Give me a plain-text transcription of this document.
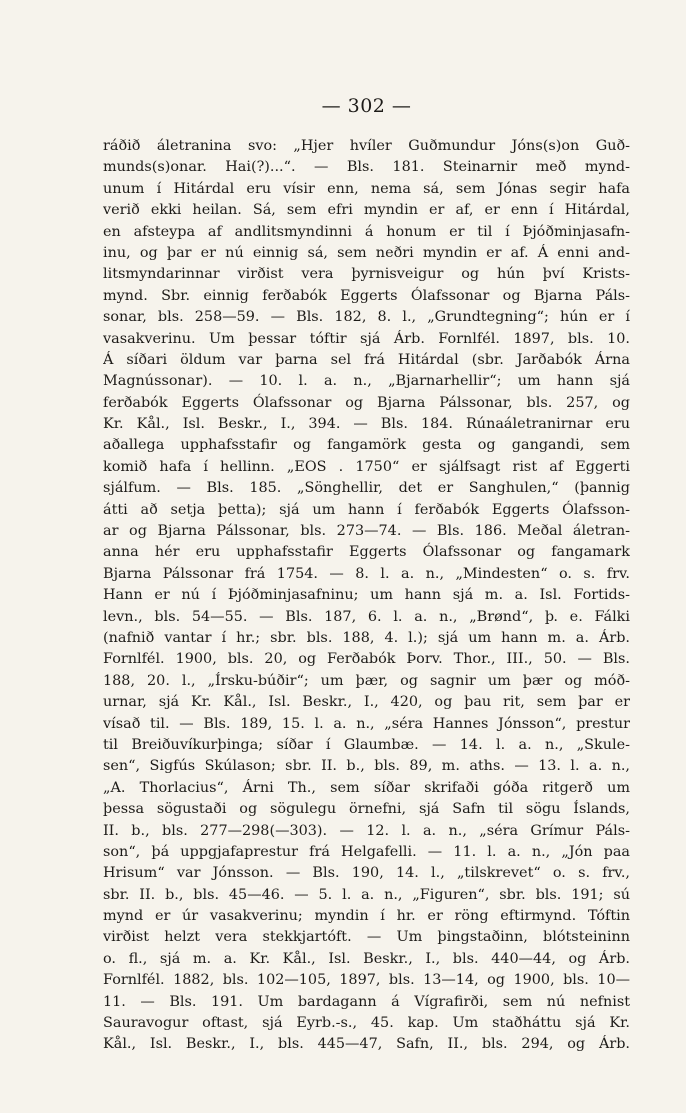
— 302 —
ráðið áletranina svo: „Hjer hvíler Guðmundur Jóns(s)on Guð-
munds(s)onar. Hai(?)...“. — Bls. 181. Steinarnir með mynd-
unum í Hitárdal eru vísir enn, nema sá, sem Jónas segir hafa
verið ekki heilan. Sá, sem efri myndin er af, er enn í Hitárdal,
en afsteypa af andlitsmyndinni á honum er til í Þjóðminjasafn-
inu, og þar er nú einnig sá, sem neðri myndin er af. Á enni and-
litsmyndarinnar virðist vera þyrnisveigur og hún því Krists-
mynd. Sbr. einnig ferðabók Eggerts Ólafssonar og Bjarna Páls-
sonar, bls. 258—59. — Bls. 182, 8. l., „Grundtegning“; hún er í
vasakverinu. Um þessar tóftir sjá Árb. Fornlfél. 1897, bls. 10.
Á síðari öldum var þarna sel frá Hitárdal (sbr. Jarðabók Árna
Magnússonar). — 10. l. a. n., „Bjarnarhellir“; um hann sjá
ferðabók Eggerts Ólafssonar og Bjarna Pálssonar, bls. 257, og
Kr. Kål., Isl. Beskr., I., 394. — Bls. 184. Rúnaáletranirnar eru
aðallega upphafsstafir og fangamörk gesta og gangandi, sem
komið hafa í hellinn. „EOS . 1750“ er sjálfsagt rist af Eggerti
sjálfum. — Bls. 185. „Sönghellir, det er Sanghulen,“ (þannig
átti að setja þetta); sjá um hann í ferðabók Eggerts Ólafsson-
ar og Bjarna Pálssonar, bls. 273—74. — Bls. 186. Meðal áletran-
anna hér eru upphafsstafir Eggerts Ólafssonar og fangamark
Bjarna Pálssonar frá 1754. — 8. l. a. n., „Mindesten“ o. s. frv.
Hann er nú í Þjóðminjasafninu; um hann sjá m. a. Isl. Fortids-
levn., bls. 54—55. — Bls. 187, 6. l. a. n., „Brønd“, þ. e. Fálki
(nafnið vantar í hr.; sbr. bls. 188, 4. l.); sjá um hann m. a. Árb.
Fornlfél. 1900, bls. 20, og Ferðabók Þorv. Thor., III., 50. — Bls.
188, 20. l., „Írsku-búðir“; um þær, og sagnir um þær og móð-
urnar, sjá Kr. Kål., Isl. Beskr., I., 420, og þau rit, sem þar er
vísað til. — Bls. 189, 15. l. a. n., „séra Hannes Jónsson“, prestur
til Breiðuvíkurþinga; síðar í Glaumbæ. — 14. l. a. n., „Skule-
sen“, Sigfús Skúlason; sbr. II. b., bls. 89, m. aths. — 13. l. a. n.,
„A. Thorlacius“, Árni Th., sem síðar skrifaði góða ritgerð um
þessa sögustaði og sögulegu örnefni, sjá Safn til sögu Íslands,
II. b., bls. 277—298(—303). — 12. l. a. n., „séra Grímur Páls-
son“, þá uppgjafaprestur frá Helgafelli. — 11. l. a. n., „Jón paa
Hrisum“ var Jónsson. — Bls. 190, 14. l., „tilskrevet“ o. s. frv.,
sbr. II. b., bls. 45—46. — 5. l. a. n., „Figuren“, sbr. bls. 191; sú
mynd er úr vasakverinu; myndin í hr. er röng eftirmynd. Tóftin
virðist helzt vera stekkjartóft. — Um þingstaðinn, blótsteininn
o. fl., sjá m. a. Kr. Kål., Isl. Beskr., I., bls. 440—44, og Árb.
Fornlfél. 1882, bls. 102—105, 1897, bls. 13—14, og 1900, bls. 10—
11. — Bls. 191. Um bardagann á Vígrafirði, sem nú nefnist
Sauravogur oftast, sjá Eyrb.-s., 45. kap. Um staðháttu sjá Kr.
Kål., Isl. Beskr., I., bls. 445—47, Safn, II., bls. 294, og Árb.
